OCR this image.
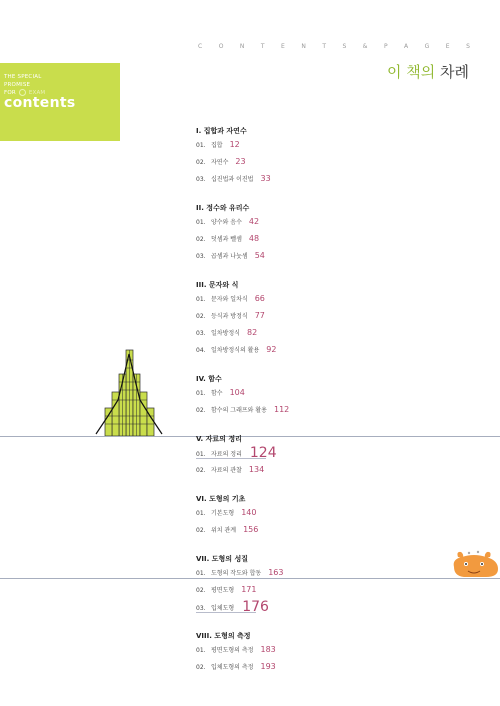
C	O	N	T	E	N	T	S	&	P	A	G	E	S
이 책의 차례
THE SPECIAL
PROMISE
FOR ○ EXAM
contents
I. 집합과 자연수
01. 집합 12
02. 자연수 23
03. 십진법과 이진법 33
II. 정수와 유리수
01. 양수와 음수 42
02. 덧셈과 뺄셈 48
03. 곱셈과 나눗셈 54
III. 문자와 식
01. 문자와 일차식 66
02. 등식과 방정식 77
03. 일차방정식 82
04. 일차방정식의 활용 92
IV. 함수
01. 함수 104
02. 함수의 그래프와 활용 112
V. 자료의 정리
01. 자료의 정리 124
02. 자료의 관찰 134
VI. 도형의 기초
01. 기본도형 140
02. 위치 관계 156
VII. 도형의 성질
01. 도형의 작도와 합동 163
02. 평면도형 171
03. 입체도형 176
VIII. 도형의 측정
01. 평면도형의 측정 183
02. 입체도형의 측정 193
